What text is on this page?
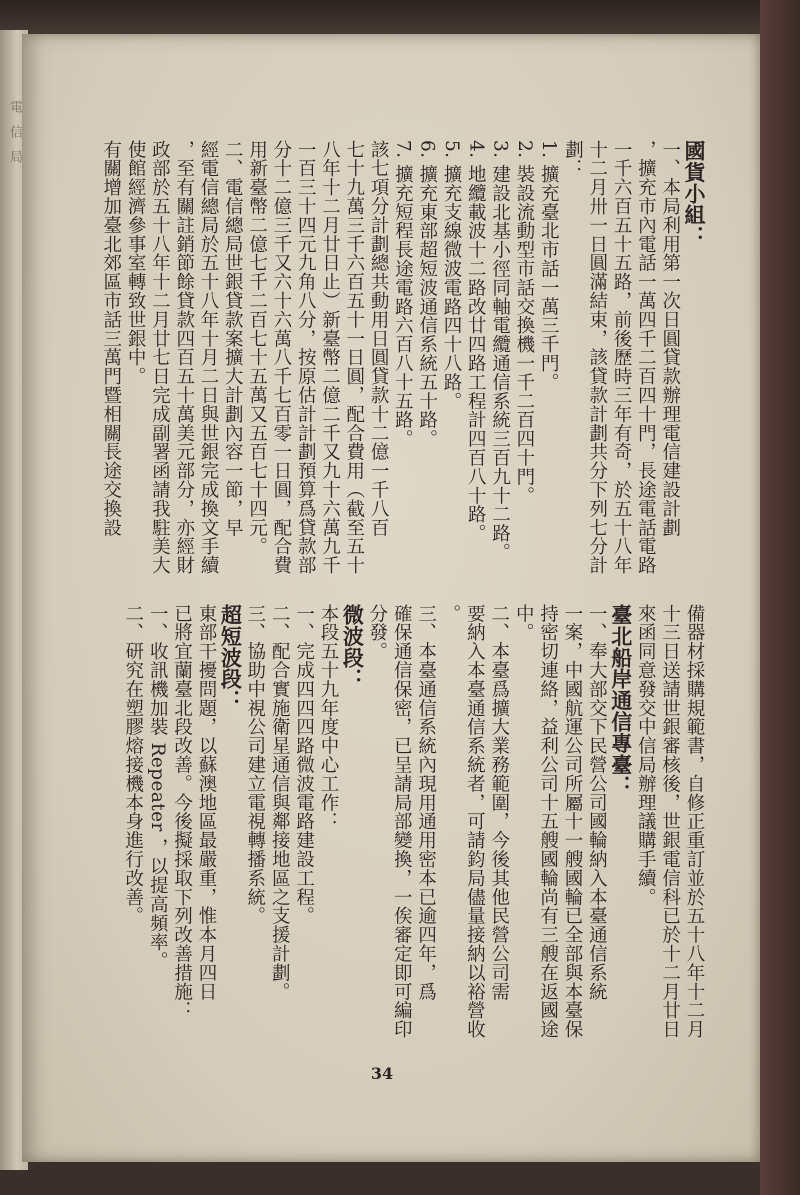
電 信 局
34
國貨小組：
一、本局利用第一次日圓貸款辦理電信建設計劃
，擴充市內電話一萬四千二百四十門，長途電話電路
一千六百五十五路，前後歷時三年有奇，於五十八年
十二月卅一日圓滿結束，該貸款計劃共分下列七分計
劃：
1. 擴充臺北市話一萬三千門。
2. 裝設流動型市話交換機一千二百四十門。
3. 建設北基小徑同軸電纜通信系統三百九十二路。
4. 地纜載波十二路改廿四路工程計四百八十路。
5. 擴充支線微波電路四十八路。
6. 擴充東部超短波通信系統五十路。
7. 擴充短程長途電路六百八十五路。
該七項分計劃總共動用日圓貸款十二億一千八百
七十九萬三千六百五十一日圓，配合費用（截至五十
八年十二月廿日止）新臺幣二億二千又九十六萬九千
一百三十四元九角八分，按原估計計劃預算爲貸款部
分十二億三千又六十六萬八千七百零一日圓，配合費
用新臺幣二億七千二百七十五萬又五百七十四元。
二、電信總局世銀貸款案擴大計劃內容一節，早
經電信總局於五十八年十月二日與世銀完成換文手續
，至有關註銷節餘貸款四百五十萬美元部分，亦經財
政部於五十八年十二月廿七日完成副署函請我駐美大
使館經濟參事室轉致世銀中。
有關增加臺北郊區市話三萬門暨相關長途交換設
備器材採購規範書，自修正重訂並於五十八年十二月
十三日送請世銀審核後，世銀電信科已於十二月廿日
來函同意發交中信局辦理議購手續。
臺北船岸通信專臺：
一、奉大部交下民營公司國輪納入本臺通信系統
一案，中國航運公司所屬十一艘國輪已全部與本臺保
持密切連絡，益利公司十五艘國輪尚有三艘在返國途
中。
二、本臺爲擴大業務範圍，今後其他民營公司需
要納入本臺通信系統者，可請鈞局儘量接納以裕營收
。
三、本臺通信系統內現用通用密本已逾四年，爲
確保通信保密，已呈請局部變換，一俟審定即可編印
分發。
微波段：
本段五十九年度中心工作：
一、完成四四四路微波電路建設工程。
二、配合實施衛星通信與鄰接地區之支援計劃。
三、協助中視公司建立電視轉播系統。
超短波段：
東部干擾問題，以蘇澳地區最嚴重，惟本月四日
已將宜蘭臺北段改善。今後擬採取下列改善措施：
一、收訊機加裝 Repeater ，以提高頻率。
二、研究在塑膠熔接機本身進行改善。
